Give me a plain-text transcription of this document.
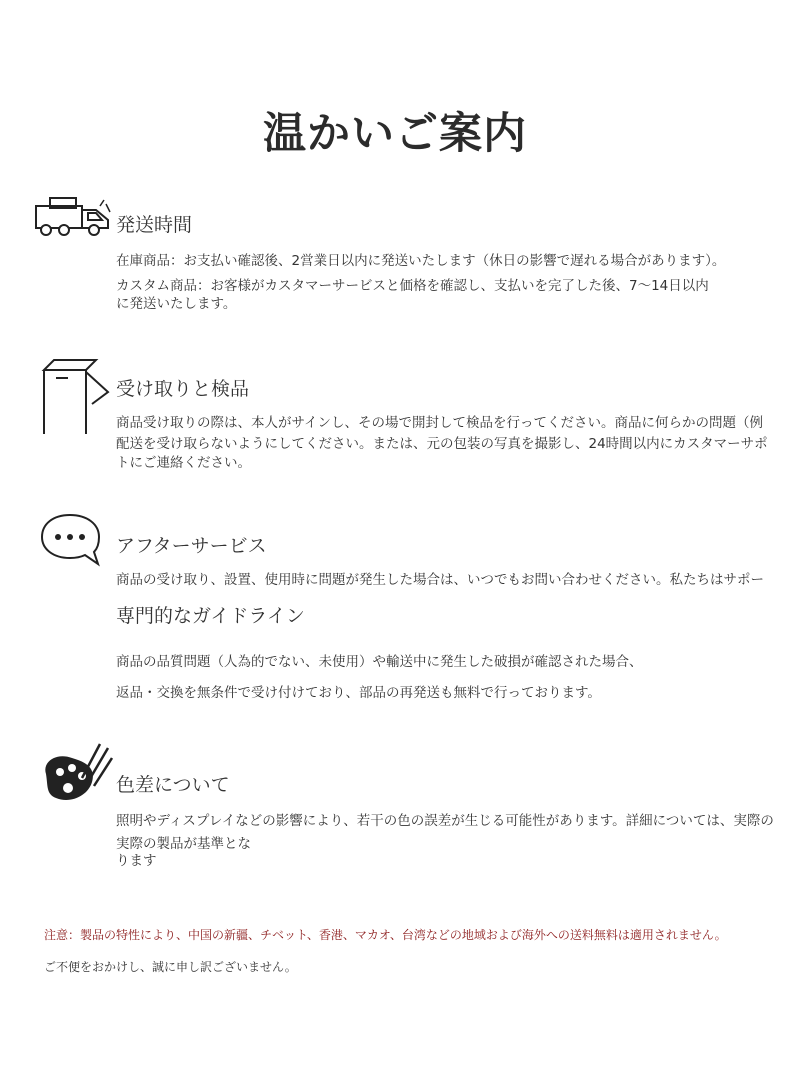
温かいご案内
発送時間
在庫商品：お支払い確認後、2営業日以内に発送いたします（休日の影響で遅れる場合があります）。
カスタム商品：お客様がカスタマーサービスと価格を確認し、支払いを完了した後、7〜14日以内
に発送いたします。
受け取りと検品
商品受け取りの際は、本人がサインし、その場で開封して検品を行ってください。商品に何らかの問題（例
配送を受け取らないようにしてください。または、元の包装の写真を撮影し、24時間以内にカスタマーサポ
トにご連絡ください。
アフターサービス
商品の受け取り、設置、使用時に問題が発生した場合は、いつでもお問い合わせください。私たちはサポー
専門的なガイドライン
商品の品質問題（人為的でない、未使用）や輸送中に発生した破損が確認された場合、
返品・交換を無条件で受け付けており、部品の再発送も無料で行っております。
色差について
照明やディスプレイなどの影響により、若干の色の誤差が生じる可能性があります。詳細については、実際の
実際の製品が基準とな
ります
注意：製品の特性により、中国の新疆、チベット、香港、マカオ、台湾などの地域および海外への送料無料は適用されません。
ご不便をおかけし、誠に申し訳ございません。
